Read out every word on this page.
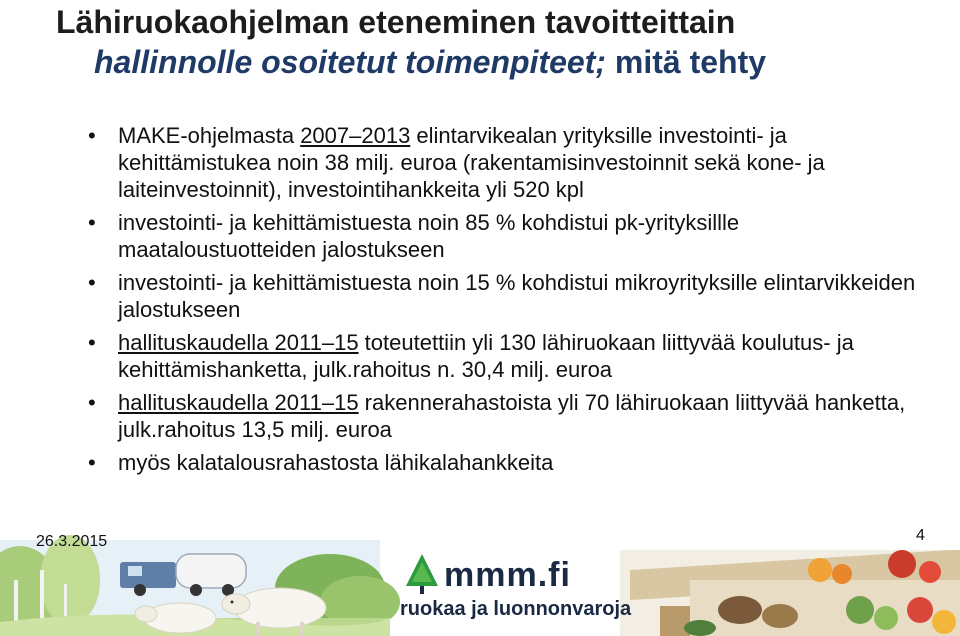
Lähiruokaohjelman eteneminen tavoitteittain
hallinnolle osoitetut toimenpiteet; mitä tehty
• MAKE-ohjelmasta 2007–2013 elintarvikealan yrityksille investointi- ja kehittämistukea noin 38 milj. euroa (rakentamisinvestoinnit sekä kone- ja laiteinvestoinnit), investointihankkeita yli 520 kpl
• investointi- ja kehittämistuesta noin 85 % kohdistui pk-yrityksillle maataloustuotteiden jalostukseen
• investointi- ja kehittämistuesta noin 15 % kohdistui mikroyrityksille elintarvikkeiden jalostukseen
• hallituskaudella 2011–15 toteutettiin yli 130 lähiruokaan liittyvää koulutus- ja kehittämishanketta, julk.rahoitus n. 30,4 milj. euroa
• hallituskaudella 2011–15 rakennerahastoista yli 70 lähiruokaan liittyvää hanketta, julk.rahoitus 13,5 milj. euroa
• myös kalatalousrahastosta lähikalahankkeita
26.3.2015	4
mmm.fi
ruokaa ja luonnonvaroja
